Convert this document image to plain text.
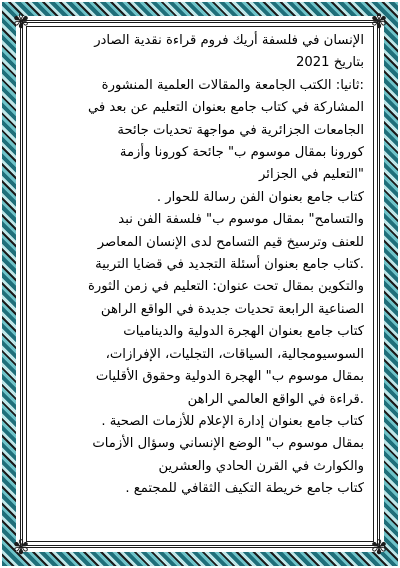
✾	✾
✾	✾

الإنسان في فلسفة أريك فروم قراءة نقدية الصادر

بتاريخ 2021

:ثانيا: الكتب الجامعة والمقالات العلمية المنشورة

المشاركة في كتاب جامع بعنوان التعليم عن بعد في

الجامعات الجزائرية في مواجهة تحديات جائحة

كورونا بمقال موسوم ب" جائحة كورونا وأزمة

"التعليم في الجزائر

كتاب جامع بعنوان الفن رسالة للحوار .

والتسامح" بمقال موسوم ب" فلسفة الفن نبد

للعنف وترسيخ قيم التسامح لدى الإنسان المعاصر

.كتاب جامع بعنوان أسئلة التجديد في قضايا التربية

والتكوين بمقال تحت عنوان: التعليم في زمن الثورة

الصناعية الرابعة تحديات جديدة في الواقع الراهن

كتاب جامع بعنوان الهجرة الدولية والديناميات

السوسيومجالية، السياقات، التجليات، الإفرازات،

بمقال موسوم ب" الهجرة الدولية وحقوق الأقليات

.قراءة في الواقع العالمي الراهن

كتاب جامع بعنوان إدارة الإعلام للأزمات الصحية .

بمقال موسوم ب" الوضع الإنساني وسؤال الأزمات

والكوارث في القرن الحادي والعشرين

كتاب جامع خريطة التكيف الثقافي للمجتمع .
